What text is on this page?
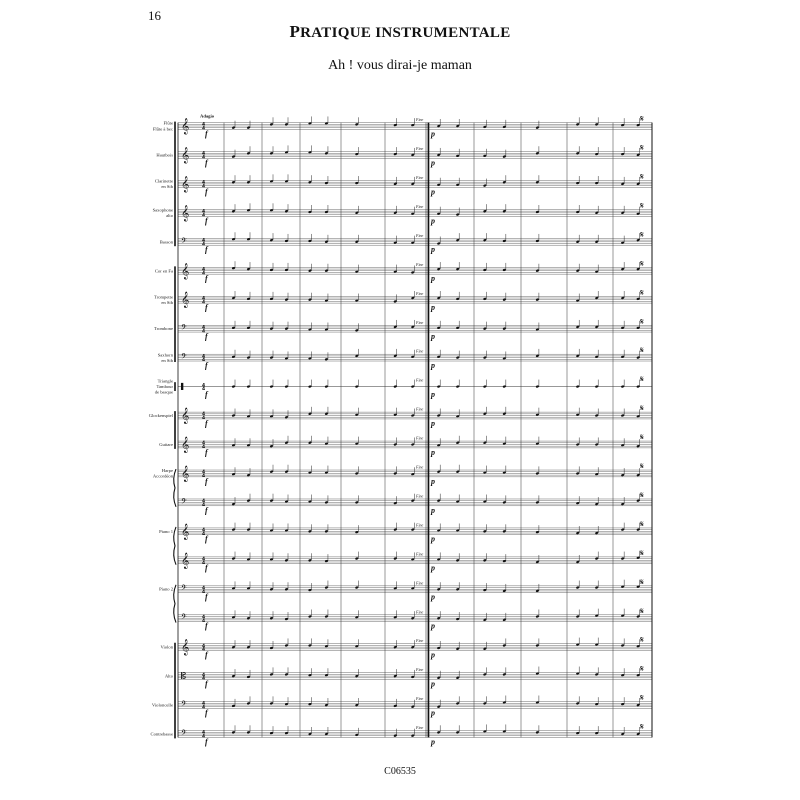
16
PRATIQUE INSTRUMENTALE
Ah ! vous dirai-je maman
C06535
𝄞	4
4
Flûte
Flûte à bec
f	p
Fine	𝄋
𝄞	4
4
Hautbois
f	p
Fine	𝄋
𝄞	4
4
Clarinette
en Sib
f	p
Fine	𝄋
𝄞	4
4
Saxophone
alto
f	p
Fine	𝄋
𝄢	4
4
Basson
f	p
Fine	𝄋
𝄞	4
4
Cor en Fa
f	p
Fine	𝄋
𝄞	4
4
Trompette
en Sib
f	p
Fine	𝄋
𝄢	4
4
Trombone
f	p
Fine	𝄋
𝄢	4
4
Saxhorn
en Sib
f	p
Fine	𝄋
▌	4
4
Triangle
Tambour
de basque	f	p
Fine	𝄋
𝄞	4
4
Glockenspiel
f	p
Fine	𝄋
𝄞	4
4
Guitare
f	p
Fine	𝄋
𝄞	4
4
Harpe
Accordéon
f	p
Fine	𝄋
𝄢	4
4
f	p
Fine	𝄋
𝄞	4
4
Piano 1
f	p
Fine	𝄋
𝄞	4
4
f	p
Fine	𝄋
𝄢	4
4
Piano 2
f	p
Fine	𝄋
𝄢	4
4
f	p
Fine	𝄋
𝄞	4
4
Violon
f	p
Fine	𝄋
𝄡	4
4
Alto
f	p
Fine	𝄋
𝄢	4
4
Violoncelle
f	p
Fine	𝄋
𝄢	4
4
Contrebasse
f	p
Fine	𝄋
Adagio
